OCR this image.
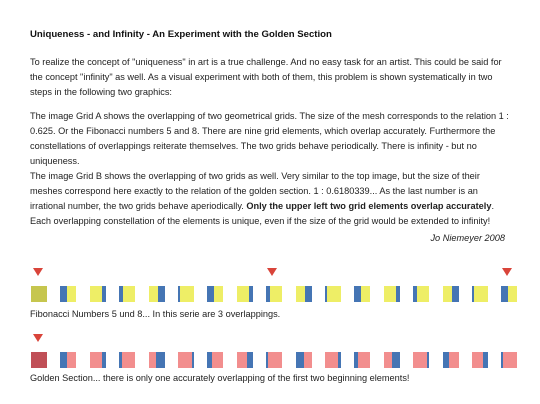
Uniqueness - and Infinity - An Experiment with the Golden Section

To realize the concept of "uniqueness" in art is a true challenge. And no easy task for an artist. This could be said for the concept "infinity" as well. As a visual experiment with both of them, this problem is shown systematically in two steps in the following two graphics:

The image Grid A shows the overlapping of two geometrical grids. The size of the mesh corresponds to the relation 1 : 0.625. Or the Fibonacci numbers 5 and 8. There are nine grid elements, which overlap accurately. Furthermore the constellations of overlappings reiterate themselves. The two grids behave periodically. There is infinity - but no uniqueness.
The image Grid B shows the overlapping of two grids as well. Very similar to the top image, but the size of their meshes correspond here exactly to the relation of the golden section. 1 : 0.6180339... As the last number is an irrational number, the two grids behave aperiodically. Only the upper left two grid elements overlap accurately. Each overlapping constellation of the elements is unique, even if the size of the grid would be extended to infinity!
Jo Niemeyer 2008
Fibonacci Numbers 5 und 8... In this serie are 3 overlappings.
Golden Section... there is only one accurately overlapping of the first two beginning elements!
